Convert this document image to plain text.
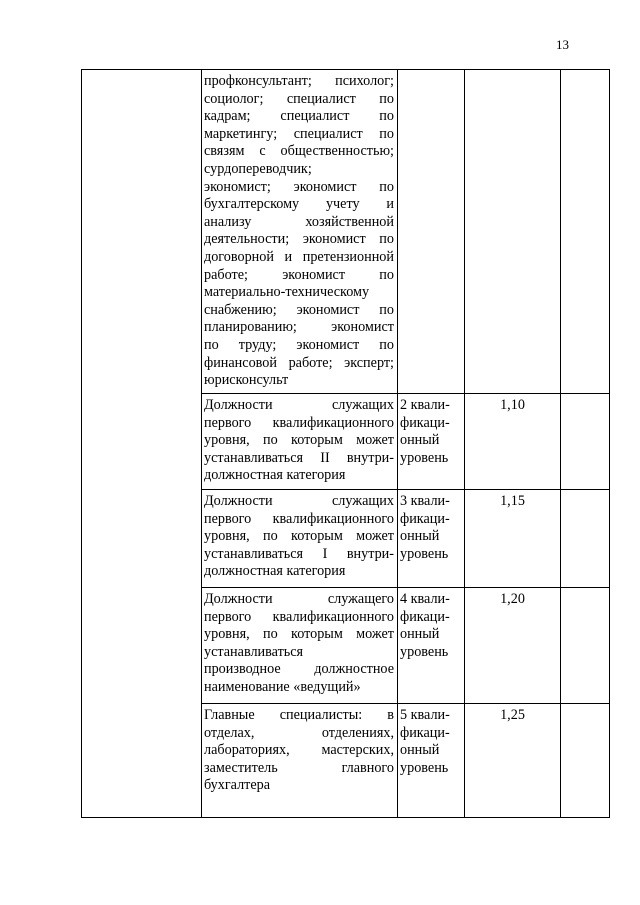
13
профконсультант; психолог;
социолог; специалист по
кадрам; специалист по
маркетингу; специалист по
связям с общественностью;
сурдопереводчик;
экономист; экономист по
бухгалтерскому учету и
анализу хозяйственной
деятельности; экономист по
договорной и претензионной
работе; экономист по
материально-техническому
снабжению; экономист по
планированию; экономист
по труду; экономист по
финансовой работе; эксперт;
юрисконсульт
Должности служащих
первого квалификационного
уровня, по которым может
устанавливаться II внутри-
должностная категория
2 квали-
фикаци-
онный
уровень
1,10
Должности служащих
первого квалификационного
уровня, по которым может
устанавливаться I внутри-
должностная категория
3 квали-
фикаци-
онный
уровень
1,15
Должности служащего
первого квалификационного
уровня, по которым может
устанавливаться
производное должностное
наименование «ведущий»
4 квали-
фикаци-
онный
уровень
1,20
Главные специалисты: в
отделах, отделениях,
лабораториях, мастерских,
заместитель главного
бухгалтера
5 квали-
фикаци-
онный
уровень
1,25
